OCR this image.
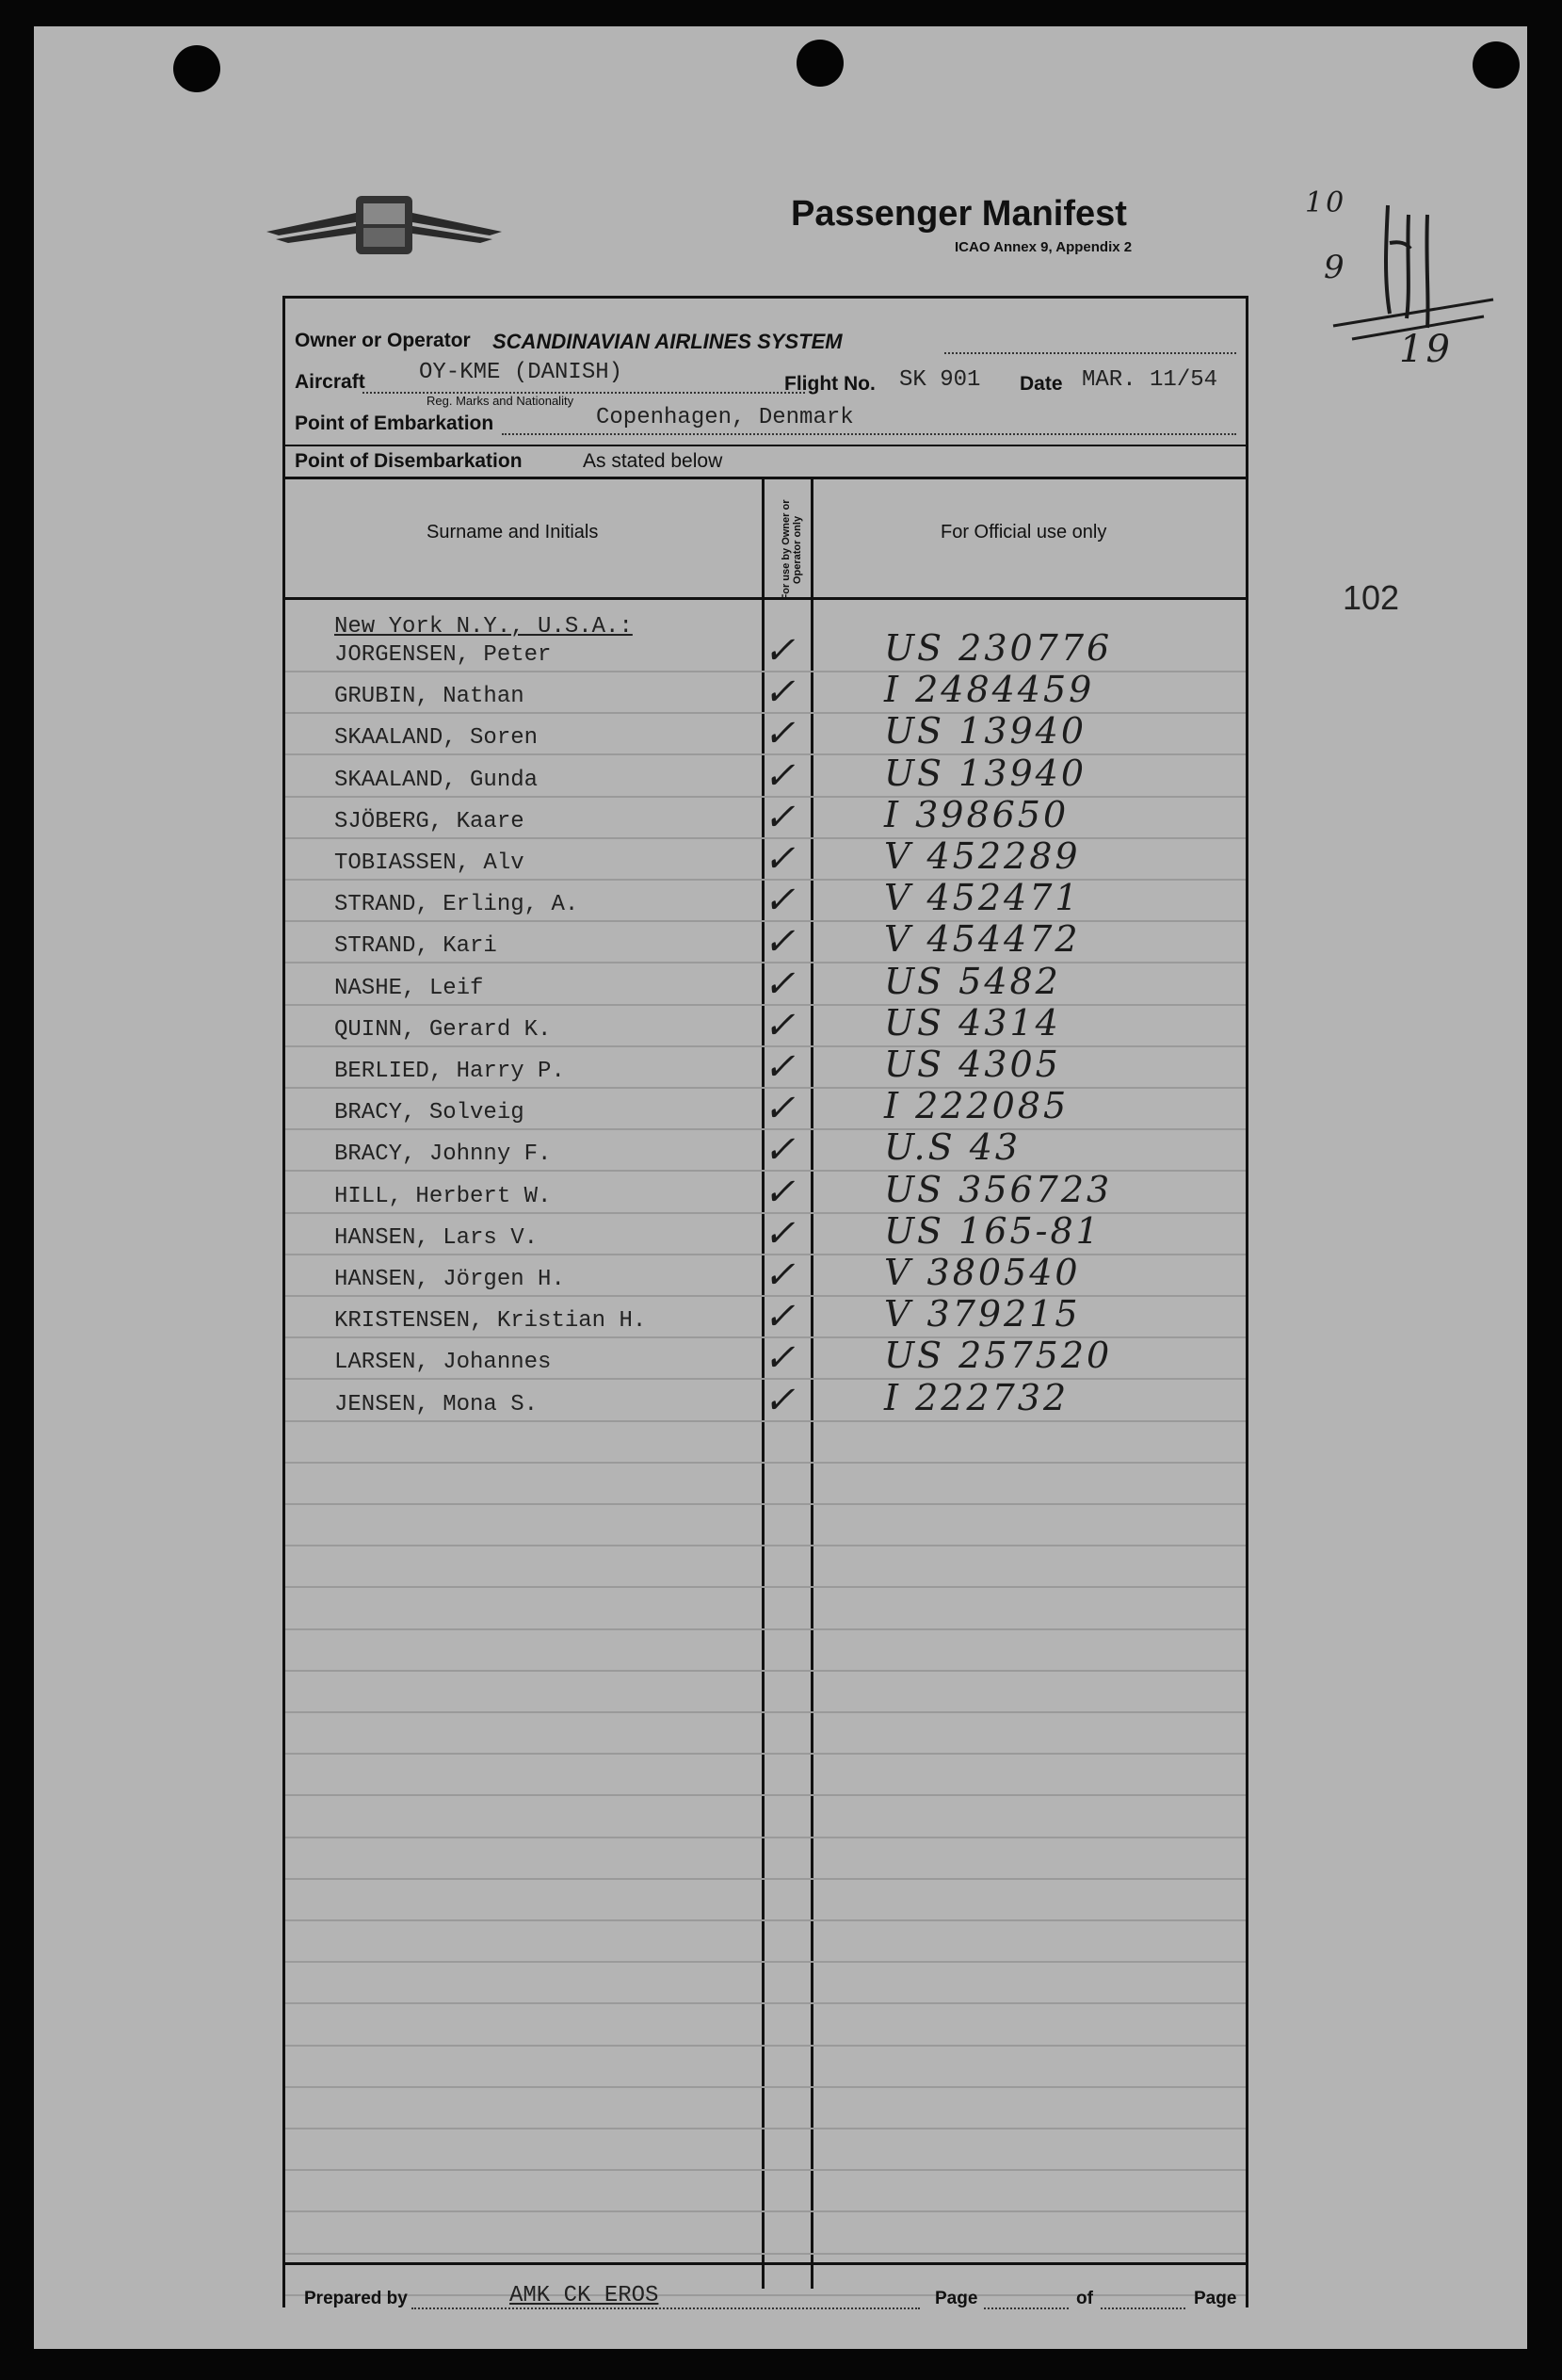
Passenger Manifest
ICAO Annex 9, Appendix 2
10
9
19
102
Owner or Operator SCANDINAVIAN AIRLINES SYSTEM
Aircraft OY-KME (DANISH)
Reg. Marks and Nationality
Flight No. SK 901 Date MAR. 11/54
Point of Embarkation	Copenhagen, Denmark
Point of Disembarkation	As stated below
Surname and Initials	For use by Owner or Operator only	For Official use only
New York N.Y., U.S.A.:
JORGENSEN, Peter	✓ US 230776
GRUBIN, Nathan	✓ I 2484459
SKAALAND, Soren	✓ US 13940
SKAALAND, Gunda	✓ US 13940
SJÖBERG, Kaare	✓ I 398650
TOBIASSEN, Alv	✓ V 452289
STRAND, Erling, A.	✓ V 452471
STRAND, Kari	✓ V 454472
NASHE, Leif	✓ US 5482
QUINN, Gerard K.	✓ US 4314
BERLIED, Harry P.	✓ US 4305
BRACY, Solveig	✓ I 222085
BRACY, Johnny F.	✓ U.S 43
HILL, Herbert W.	✓ US 356723
HANSEN, Lars V.	✓ US 165-81
HANSEN, Jörgen H.	✓ V 380540
KRISTENSEN, Kristian H.	✓ V 379215
LARSEN, Johannes	✓ US 257520
JENSEN, Mona S.	✓ I 222732
Prepared by	AMK CK EROS	Page	of	Page
